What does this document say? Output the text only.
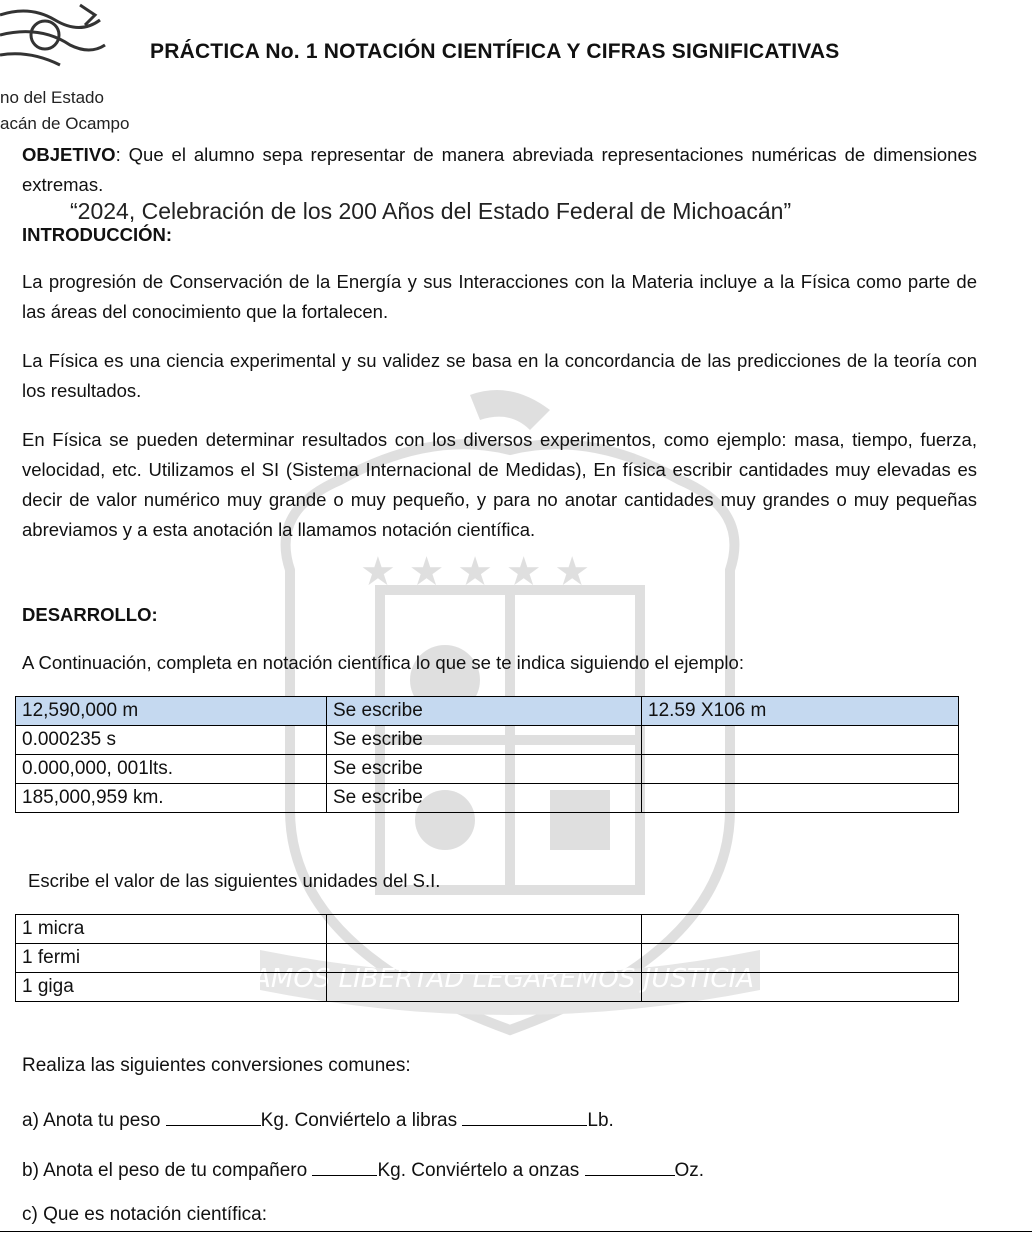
★ ★ ★ ★ ★
HEREDAMOS LIBERTAD LEGAREMOS JUSTICIA SOCIAL
PRÁCTICA No. 1 NOTACIÓN CIENTÍFICA Y CIFRAS SIGNIFICATIVAS
no del Estado
acán de Ocampo
OBJETIVO: Que el alumno sepa representar de manera abreviada representaciones numéricas de dimensiones extremas.
“2024, Celebración de los 200 Años del Estado Federal de Michoacán”
INTRODUCCIÓN:
La progresión de Conservación de la Energía y sus Interacciones con la Materia incluye a la Física como parte de las áreas del conocimiento que la fortalecen.
La Física es una ciencia experimental y su validez se basa en la concordancia de las predicciones de la teoría con los resultados.
En Física se pueden determinar resultados con los diversos experimentos, como ejemplo: masa, tiempo, fuerza, velocidad, etc. Utilizamos el SI (Sistema Internacional de Medidas), En física escribir cantidades muy elevadas es decir de valor numérico muy grande o muy pequeño, y para no anotar cantidades muy grandes o muy pequeñas abreviamos y a esta anotación la llamamos notación científica.
DESARROLLO:
A Continuación, completa en notación científica lo que se te indica siguiendo el ejemplo:
12,590,000 m	Se escribe	12.59 X106 m
0.000235 s	Se escribe	
0.000,000, 001lts.	Se escribe	
185,000,959 km.	Se escribe	
Escribe el valor de las siguientes unidades del S.I.
1 micra		
1 fermi		
1 giga		
Realiza las siguientes conversiones comunes:
a) Anota tu peso	Kg. Conviértelo a libras	Lb.
b) Anota el peso de tu compañero	Kg. Conviértelo a onzas	Oz.
c) Que es notación científica:
